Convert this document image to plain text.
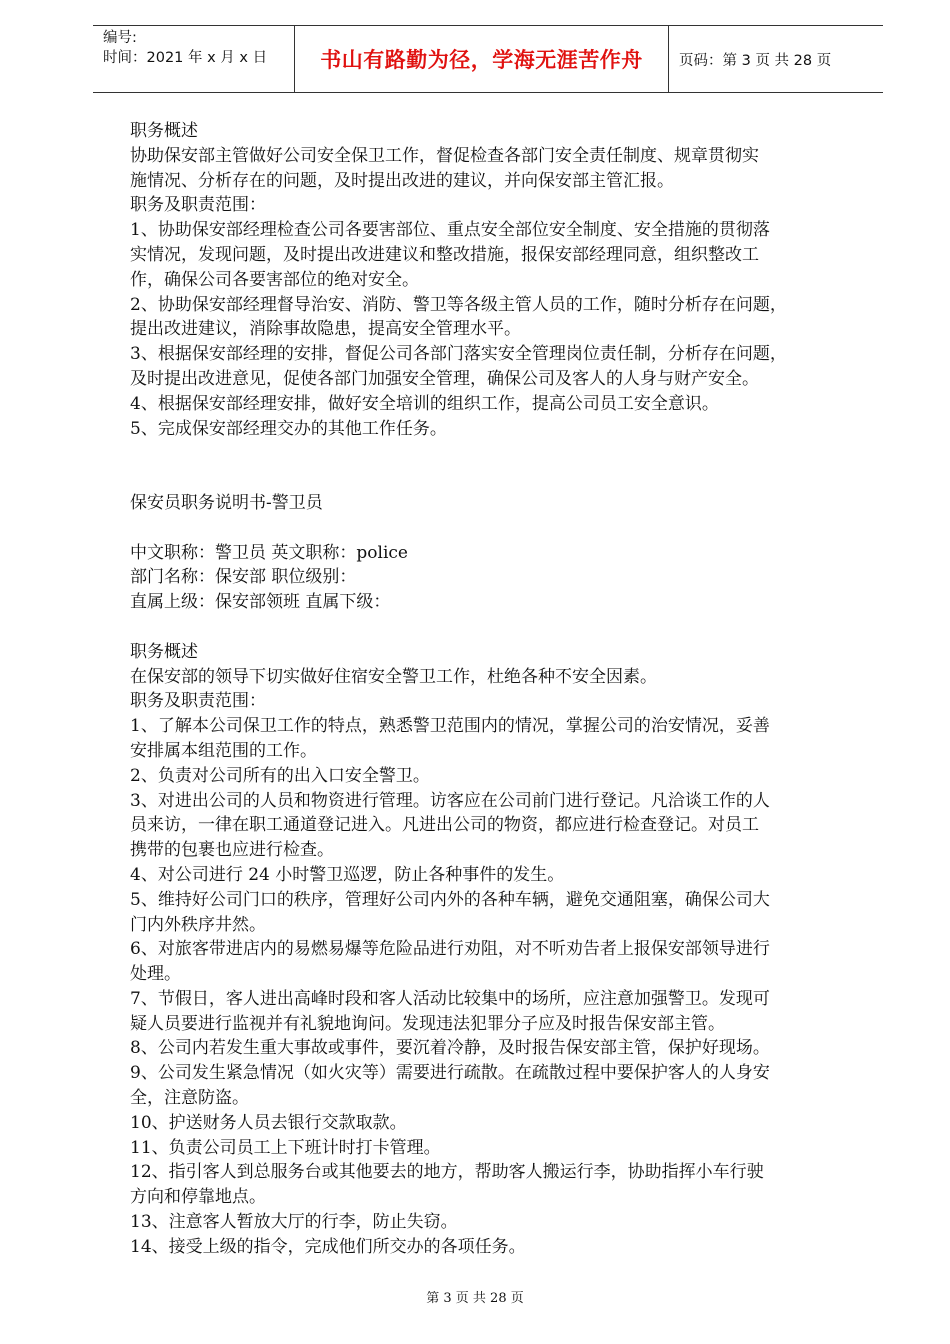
编号:
时间：2021 年 x 月 x 日	书山有路勤为径，学海无涯苦作舟	页码：第 3 页 共 28 页
职务概述
协助保安部主管做好公司安全保卫工作，督促检查各部门安全责任制度、规章贯彻实
施情况、分析存在的问题，及时提出改进的建议，并向保安部主管汇报。
职务及职责范围：
1、协助保安部经理检查公司各要害部位、重点安全部位安全制度、安全措施的贯彻落
实情况，发现问题，及时提出改进建议和整改措施，报保安部经理同意，组织整改工
作，确保公司各要害部位的绝对安全。
2、协助保安部经理督导治安、消防、警卫等各级主管人员的工作，随时分析存在问题，
提出改进建议，消除事故隐患，提高安全管理水平。
3、根据保安部经理的安排，督促公司各部门落实安全管理岗位责任制，分析存在问题，
及时提出改进意见，促使各部门加强安全管理，确保公司及客人的人身与财产安全。
4、根据保安部经理安排，做好安全培训的组织工作，提高公司员工安全意识。
5、完成保安部经理交办的其他工作任务。
保安员职务说明书-警卫员
中文职称：警卫员 英文职称：police
部门名称：保安部 职位级别：
直属上级：保安部领班 直属下级：
职务概述
在保安部的领导下切实做好住宿安全警卫工作，杜绝各种不安全因素。
职务及职责范围：
1、了解本公司保卫工作的特点，熟悉警卫范围内的情况，掌握公司的治安情况，妥善
安排属本组范围的工作。
2、负责对公司所有的出入口安全警卫。
3、对进出公司的人员和物资进行管理。访客应在公司前门进行登记。凡洽谈工作的人
员来访，一律在职工通道登记进入。凡进出公司的物资，都应进行检查登记。对员工
携带的包裹也应进行检查。
4、对公司进行 24 小时警卫巡逻，防止各种事件的发生。
5、维持好公司门口的秩序，管理好公司内外的各种车辆，避免交通阻塞，确保公司大
门内外秩序井然。
6、对旅客带进店内的易燃易爆等危险品进行劝阻，对不听劝告者上报保安部领导进行
处理。
7、节假日，客人进出高峰时段和客人活动比较集中的场所，应注意加强警卫。发现可
疑人员要进行监视并有礼貌地询问。发现违法犯罪分子应及时报告保安部主管。
8、公司内若发生重大事故或事件，要沉着冷静，及时报告保安部主管，保护好现场。
9、公司发生紧急情况（如火灾等）需要进行疏散。在疏散过程中要保护客人的人身安
全，注意防盗。
10、护送财务人员去银行交款取款。
11、负责公司员工上下班计时打卡管理。
12、指引客人到总服务台或其他要去的地方，帮助客人搬运行李，协助指挥小车行驶
方向和停靠地点。
13、注意客人暂放大厅的行李，防止失窃。
14、接受上级的指令，完成他们所交办的各项任务。
第 3 页 共 28 页
